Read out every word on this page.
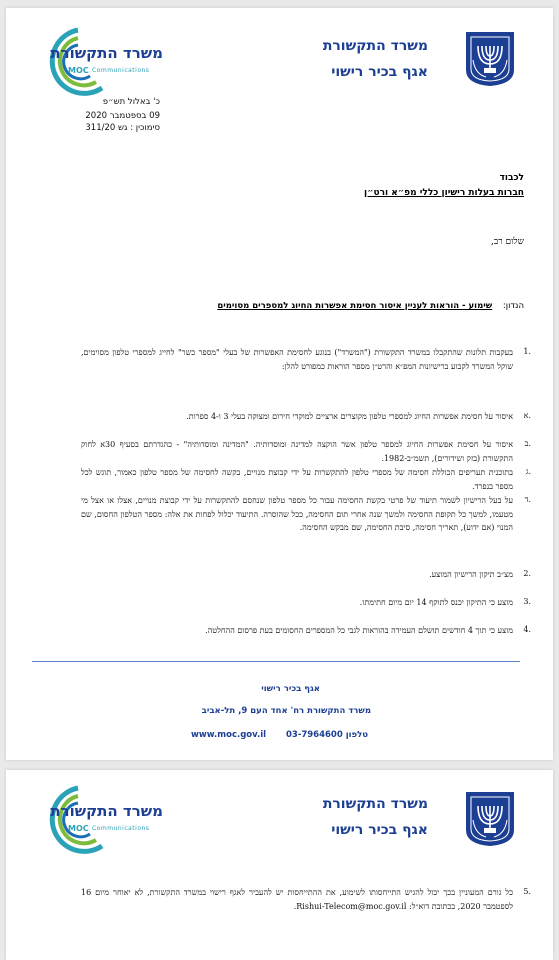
משרד התקשורת
אגף בכיר רישוי
משרד התקשורת
MOC Communications
כ' באלול תש״פ
09 בספטמבר 2020
סימוכין : גש 311/20
לכבוד
חברות בעלות רישיון כללי מפ״א ורט״ן
שלום רב,
הנדון: שימוע - הוראות לעניין איסור חסימת אפשרות החיוג למספרים מסוימים
1.
בעקבות תלונות שהתקבלו במשרד התקשורת ("המשרד") בנוגע לחסימת האפשרות של בעלי "מספר כשר" לחייג למספרי טלפון מסוימים, שוקל המשרד לקבוע ברישיונות המפ״א והרט״ן מספר הוראות כמפורט להלן:
א.
איסור על חסימת אפשרות החיוג למספרי טלפון מקוצרים ארציים למוקדי חירום ומצוקה בעלי 3 ו-4 ספרות.
ב.
איסור על חסימת אפשרות החיוג למספר טלפון אשר הוקצה למדינה ומוסדותיה. "המדינה ומוסדותיה" - כהגדרתם בסעיף 30א לחוק התקשורת (בזק ושידורים), תשמ״ב-1982.
ג.
בתוכנית תעריפים הכוללת חסימה של מספרי טלפון להתקשרות על ידי קבוצת מנויים, בקשה לחסימה של מספר טלפון כאמור, תוגש לכל מספר בנפרד.
ד.
על בעל הרישיון לשמור תיעוד של פרטי בקשת החסימה עבור כל מספר טלפון שנחסם להתקשרות על ידי קבוצת מנויים, אצלו או אצל מי מטעמו, למשך כל תקופת החסימה ולמשך שנה אחרי תום החסימה, ככל שהוסרה. התיעוד יכלול לפחות את אלה: מספר הטלפון החסום, שם המנוי (אם ידוע), תאריך חסימה, סיבת החסימה, שם מבקש החסימה.
2.
מצ״ב תיקון הרישיון המוצע.
3.
מוצע כי התיקון יכנס לתוקף 14 יום מיום חתימתו.
4.
מוצע כי תוך 4 חודשים תושלם העמידה בהוראות לגבי כל המספרים החסומים בעת פרסום ההחלטה.
אגף בכיר רישוי
משרד התקשורת רח' אחד העם 9, תל-אביב
www.moc.gov.il טלפון 03-7964600
משרד התקשורת
אגף בכיר רישוי
משרד התקשורת
MOC Communications
5.
כל גורם המעוניין בכך יכול להגיש התייחסותו לשימוע, את ההתייחסות יש להעביר לאגף רישוי במשרד התקשורת, לא יאוחר מיום 16 לספטמבר 2020, בכתובת דוא״ל: Rishui-Telecom@moc.gov.il.
